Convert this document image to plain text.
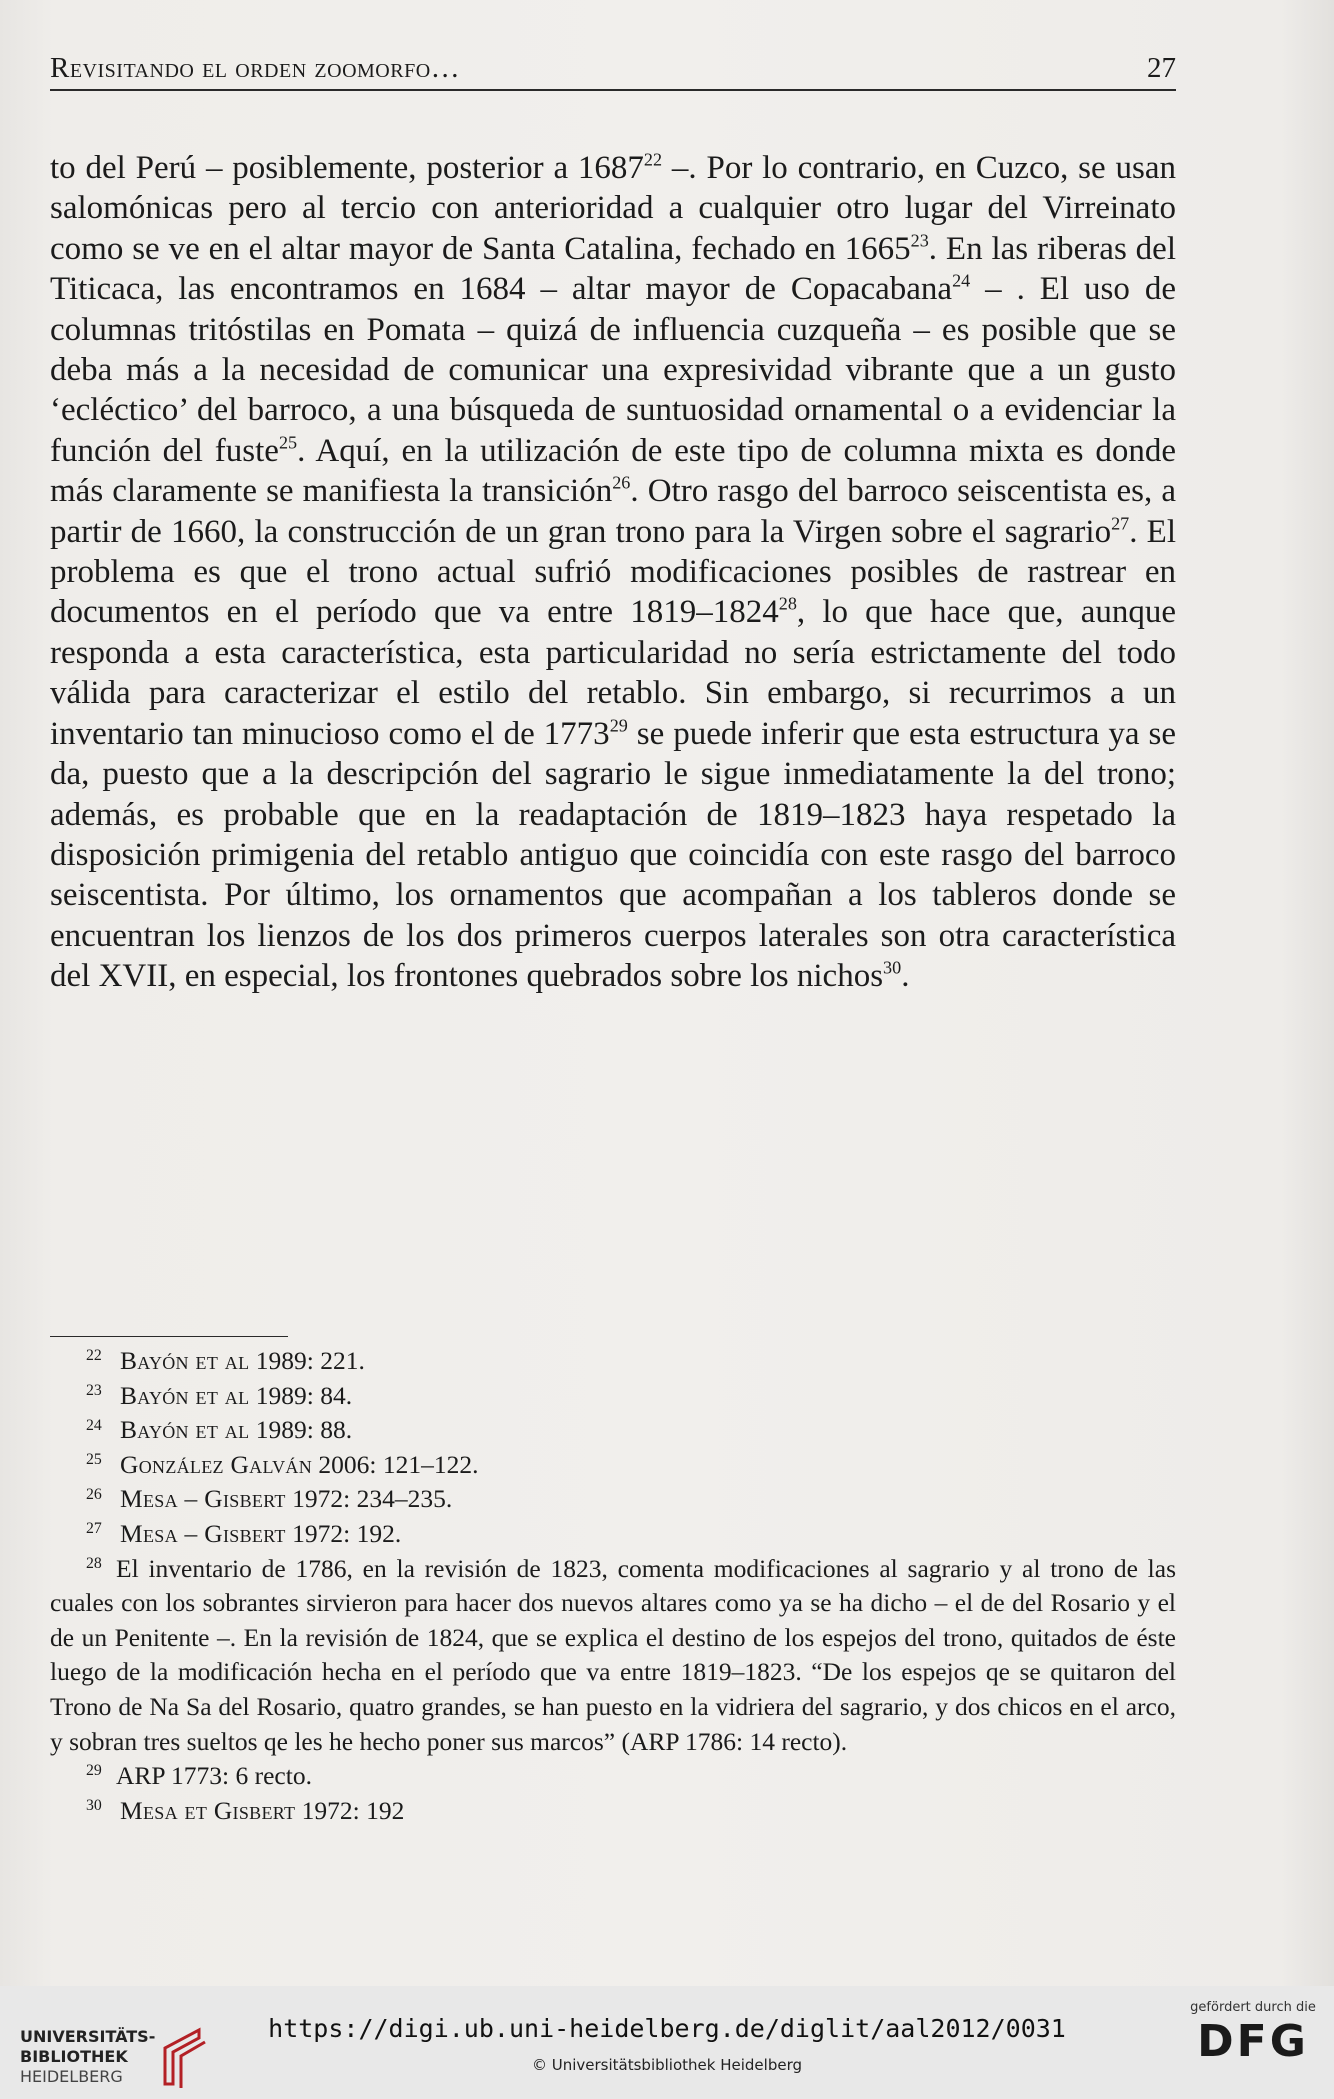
Revisitando el orden zoomorfo…	27

to del Perú – posiblemente, posterior a 1687$^{22}$ –. Por lo contrario, en Cuzco, se usan salomónicas pero al tercio con anterioridad a cualquier otro lugar del Virreinato como se ve en el altar mayor de Santa Catalina, fechado en 1665$^{23}$. En las riberas del Titicaca, las encontramos en 1684 – altar mayor de Copacabana$^{24}$ – . El uso de columnas tritóstilas en Pomata – quizá de influencia cuzqueña – es posible que se deba más a la necesidad de comunicar una expresividad vibrante que a un gusto ‘ecléctico’ del barroco, a una búsqueda de suntuosidad ornamental o a evidenciar la función del fuste$^{25}$. Aquí, en la utilización de este tipo de columna mixta es donde más claramente se manifiesta la transición$^{26}$. Otro rasgo del barroco seiscentista es, a partir de 1660, la construcción de un gran trono para la Virgen sobre el sagrario$^{27}$. El problema es que el trono actual sufrió modificaciones posibles de rastrear en documentos en el período que va entre 1819–1824$^{28}$, lo que hace que, aunque responda a esta característica, esta particularidad no sería estrictamente del todo válida para caracterizar el estilo del retablo. Sin embargo, si recurrimos a un inventario tan minucioso como el de 1773$^{29}$ se puede inferir que esta estructura ya se da, puesto que a la descripción del sagrario le sigue inmediatamente la del trono; además, es probable que en la readaptación de 1819–1823 haya respetado la disposición primigenia del retablo antiguo que coincidía con este rasgo del barroco seiscentista. Por último, los ornamentos que acompañan a los tableros donde se encuentran los lienzos de los dos primeros cuerpos laterales son otra característica del XVII, en especial, los frontones quebrados sobre los nichos$^{30}$.

22 Bayón et al 1989: 221.

23 Bayón et al 1989: 84.

24 Bayón et al 1989: 88.

25 González Galván 2006: 121–122.

26 Mesa – Gisbert 1972: 234–235.

27 Mesa – Gisbert 1972: 192.

28 El inventario de 1786, en la revisión de 1823, comenta modificaciones al sagrario y al trono de las cuales con los sobrantes sirvieron para hacer dos nuevos altares como ya se ha dicho – el de del Rosario y el de un Penitente –. En la revisión de 1824, que se explica el destino de los espejos del trono, quitados de éste luego de la modificación hecha en el período que va entre 1819–1823. “De los espejos qe se quitaron del Trono de Na Sa del Rosario, quatro grandes, se han puesto en la vidriera del sagrario, y dos chicos en el arco, y sobran tres sueltos qe les he hecho poner sus marcos” (ARP 1786: 14 recto).

29 ARP 1773: 6 recto.

30 Mesa et Gisbert 1972: 192

UNIVERSITÄTS-
BIBLIOTHEK
HEIDELBERG
https://digi.ub.uni-heidelberg.de/diglit/aal2012/0031
© Universitätsbibliothek Heidelberg
gefördert durch die
DFG
